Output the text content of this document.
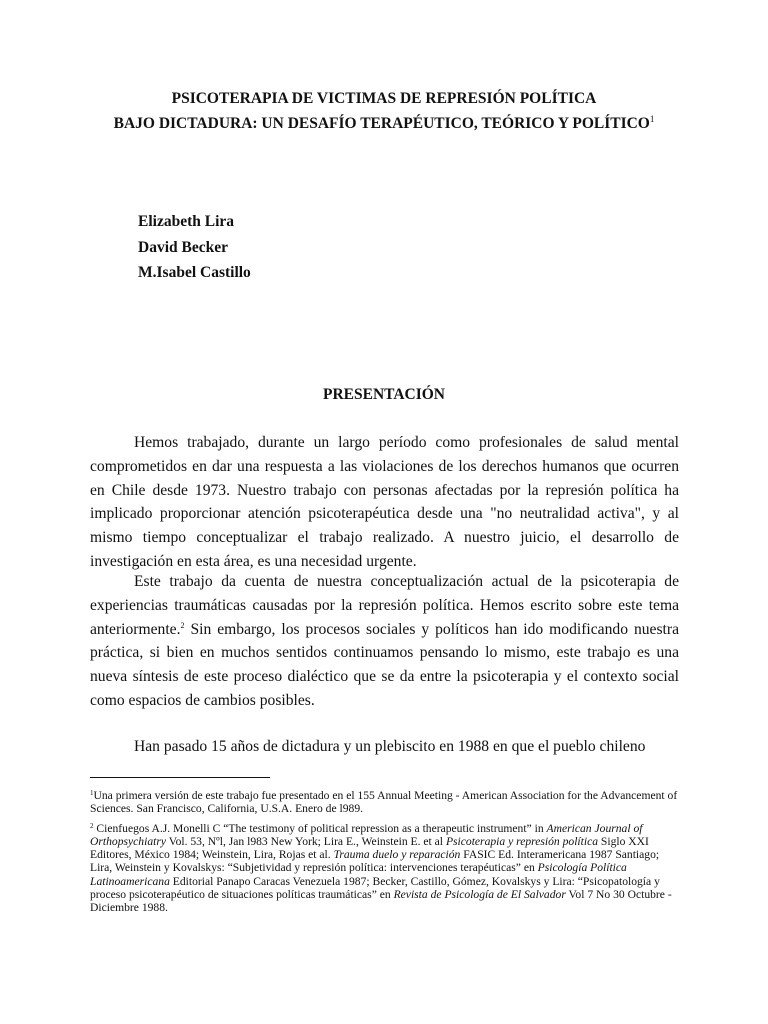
PSICOTERAPIA DE VICTIMAS DE REPRESIÓN POLÍTICA
BAJO DICTADURA: UN DESAFÍO TERAPÉUTICO, TEÓRICO Y POLÍTICO$^1$
Elizabeth Lira
David Becker
M.Isabel Castillo
PRESENTACIÓN

Hemos trabajado, durante un largo período como profesionales de salud mental comprometidos en dar una respuesta a las violaciones de los derechos humanos que ocurren en Chile desde 1973. Nuestro trabajo con personas afectadas por la represión política ha implicado proporcionar atención psicoterapéutica desde una "no neutralidad activa", y al mismo tiempo conceptualizar el trabajo realizado. A nuestro juicio, el desarrollo de investigación en esta área, es una necesidad urgente.

Este trabajo da cuenta de nuestra conceptualización actual de la psicoterapia de experiencias traumáticas causadas por la represión política. Hemos escrito sobre este tema anteriormente.$^2$ Sin embargo, los procesos sociales y políticos han ido modificando nuestra práctica, si bien en muchos sentidos continuamos pensando lo mismo, este trabajo es una nueva síntesis de este proceso dialéctico que se da entre la psicoterapia y el contexto social como espacios de cambios posibles.

Han pasado 15 años de dictadura y un plebiscito en 1988 en que el pueblo chileno

$^1$Una primera versión de este trabajo fue presentado en el 155 Annual Meeting - American Association for the Advancement of Sciences. San Francisco, California, U.S.A. Enero de l989.
$^2$ Cienfuegos A.J. Monelli C “The testimony of political repression as a therapeutic instrument” in American Journal of Orthopsychiatry Vol. 53, Nºl, Jan l983 New York; Lira E., Weinstein E. et al Psicoterapia y represión política Siglo XXI Editores, México 1984; Weinstein, Lira, Rojas et al. Trauma duelo y reparación FASIC Ed. Interamericana 1987 Santiago; Lira, Weinstein y Kovalskys: “Subjetividad y represión política: intervenciones terapéuticas” en Psicología Política Latinoamericana Editorial Panapo Caracas Venezuela 1987; Becker, Castillo, Gómez, Kovalskys y Lira: “Psicopatología y proceso psicoterapéutico de situaciones políticas traumáticas” en Revista de Psicología de El Salvador Vol 7 No 30 Octubre - Diciembre 1988.
